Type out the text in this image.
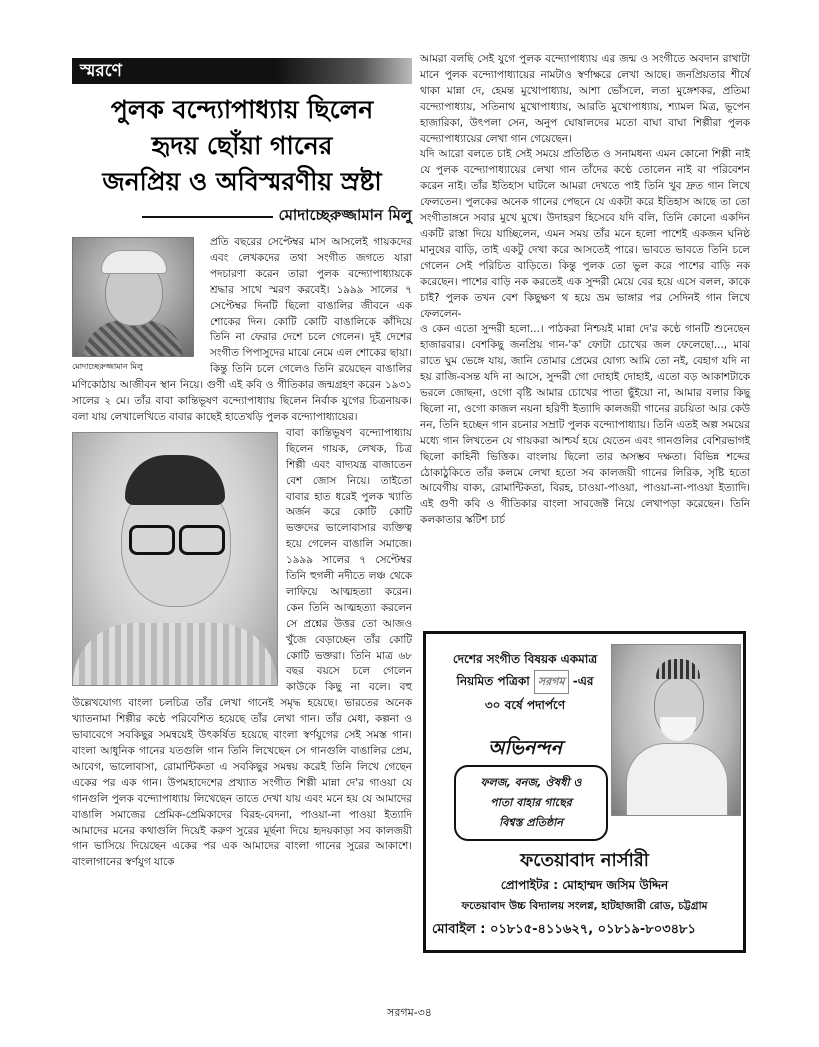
স্মরণে
পুলক বন্দ্যোপাধ্যায় ছিলেন
হৃদয় ছোঁয়া গানের
জনপ্রিয় ও অবিস্মরণীয় স্রষ্টা
মোদাচ্ছেরুজ্জামান মিলু
মোদাচ্ছেরুজ্জামান মিলু

প্রতি বছরের সেপ্টেম্বর মাস আসলেই গায়কদের এবং লেখকদের তথা সংগীত জগতে যারা পদচারণা করেন তারা পুলক বন্দ্যোপাধ্যায়কে শ্রদ্ধার সাথে স্মরণ করবেই। ১৯৯৯ সালের ৭ সেপ্টেম্বর দিনটি ছিলো বাঙালির জীবনে এক শোকের দিন। কোটি কোটি বাঙালিকে কাঁদিয়ে তিনি না ফেরার দেশে চলে গেলেন। দুই দেশের সংগীত পিপাসুদের মাঝে নেমে এল শোকের ছায়া। কিন্তু তিনি চলে গেলেও তিনি রয়েছেন বাঙালির মণিকোঠায় আজীবন স্থান নিয়ে। গুণী এই কবি ও গীতিকার জন্মগ্রহণ করেন ১৯৩১ সালের ২ মে। তাঁর বাবা কান্তিভূষণ বন্দ্যোপাধ্যায় ছিলেন নির্বাক যুগের চিত্রনায়ক। বলা যায় লেখালেখিতে বাবার কাছেই হাতেখড়ি পুলক বন্দ্যোপাধ্যায়ের।

বাবা কান্তিভূষণ বন্দ্যোপাধ্যায় ছিলেন গায়ক, লেখক, চিত্র শিল্পী এবং বাদ্যযন্ত্র বাজাতেন বেশ জোস নিয়ে। তাইতো বাবার হাত ধরেই পুলক খ্যাতি অর্জন করে কোটি কোটি ভক্তদের ভালোবাসার ব্যক্তিত্ব হয়ে গেলেন বাঙালি সমাজে। ১৯৯৯ সালের ৭ সেপ্টেম্বর তিনি হুগলী নদীতে লঞ্চ থেকে লাফিয়ে আত্মহত্যা করেন। কেন তিনি আত্মহত্যা করলেন সে প্রশ্নের উত্তর তো আজও খুঁজে বেড়াচ্ছেন তাঁর কোটি কোটি ভক্তরা। তিনি মাত্র ৬৮ বছর বয়সে চলে গেলেন কাউকে কিছু না বলে। বহু উল্লেখযোগ্য বাংলা চলচিত্র তাঁর লেখা গানেই সমৃদ্ধ হয়েছে। ভারতের অনেক খ্যাতনামা শিল্পীর কণ্ঠে পরিবেশিত হয়েছে তাঁর লেখা গান। তাঁর মেধা, কল্পনা ও ভাবাবেগে সবকিছুর সমন্বয়েই উৎকর্ষিত হয়েছে বাংলা স্বর্ণযুগের সেই সমস্ত গান। বাংলা আধুনিক গানের যতগুলি গান তিনি লিখেছেন সে গানগুলি বাঙালির প্রেম, আবেগ, ভালোবাসা, রোমান্টিকতা এ সবকিছুর সমন্বয় করেই তিনি লিখে গেছেন একের পর এক গান। উপমহাদেশের প্রখ্যাত সংগীত শিল্পী মান্না দে'র গাওয়া যে গানগুলি পুলক বন্দ্যোপাধ্যায় লিখেছেন তাতে দেখা যায় এবং মনে হয় যে আমাদের বাঙালি সমাজের প্রেমিক-প্রেমিকাদের বিরহ-বেদনা, পাওয়া-না পাওয়া ইত্যাদি আমাদের মনের কথাগুলি দিয়েই করুণ সুরের মূর্ছনা দিয়ে হৃদয়কাড়া সব কালজয়ী গান ভাসিয়ে দিয়েছেন একের পর এক আমাদের বাংলা গানের সুরের আকাশে। বাংলাগানের স্বর্ণযুগ যাকে

আমরা বলছি সেই যুগে পুলক বন্দ্যোপাধ্যায় এর জন্ম ও সংগীতে অবদান রাখাটা মানে পুলক বন্দ্যোপাধ্যায়ের নামটাও স্বর্ণাক্ষরে লেখা আছে। জনপ্রিয়তার শীর্ষে থাকা মান্না দে, হেমন্ত মুখোপাধ্যায়, আশা ভোঁসলে, লতা মুঙ্গেশকর, প্রতিমা বন্দ্যোপাধ্যায়, সতিনাথ মুখোপাধ্যায়, আরতি মুখোপাধ্যায়, শ্যামল মিত্র, ভূপেন হাজারিকা, উৎপলা সেন, অনুপ ঘোষালদের মতো বাঘা বাঘা শিল্পীরা পুলক বন্দ্যোপাধ্যায়ের লেখা গান গেয়েছেন।

যদি আরো বলতে চাই সেই সময়ে প্রতিষ্ঠিত ও সনামধন্য এমন কোনো শিল্পী নাই যে পুলক বন্দ্যোপাধ্যায়ের লেখা গান তাঁদের কণ্ঠে তোলেন নাই বা পরিবেশন করেন নাই। তাঁর ইতিহাস ঘাটলে আমরা দেখতে পাই তিনি খুব দ্রুত গান লিখে ফেলতেন। পুলকের অনেক গানের পেছনে যে একটা করে ইতিহাস আছে তা তো সংগীতাঙ্গনে সবার মুখে মুখে। উদাহরণ হিসেবে যদি বলি, তিনি কোনো একদিন একটি রাস্তা দিয়ে যাচ্ছিলেন, এমন সময় তাঁর মনে হলো পাশেই একজন ঘনিষ্ঠ মানুষের বাড়ি, তাই একটু দেখা করে আসতেই পারে। ভাবতে ভাবতে তিনি চলে গেলেন সেই পরিচিত বাড়িতে। কিন্তু পুলক তো ভুল করে পাশের বাড়ি নক করেছেন। পাশের বাড়ি নক করতেই এক সুন্দরী মেয়ে বের হয়ে এসে বলল, কাকে চাই? পুলক তখন বেশ কিছুক্ষণ থ হয়ে ভ্রম ভাঙ্গার পর সেদিনই গান লিখে ফেললেন-

ও কেন এতো সুন্দরী হলো...। পাঠকরা নিশ্চয়ই মান্না দে'র কণ্ঠে গানটি শুনেছেন হাজারবার। বেশকিছু জনপ্রিয় গান-'ক' ফোটা চোখের জল ফেলেছো..., মাঝ রাতে ঘুম ভেঙ্গে যায়, জানি তোমার প্রেমের যোগ্য আমি তো নই, বেহাগ যদি না হয় রাজি-বসন্ত যদি না আসে, সুন্দরী গো দোহাই দোহাই, এতো বড় আকাশটাকে ভরলে জোছনা, ওগো বৃষ্টি আমার চোখের পাতা ছুঁইয়ো না, আমার বলার কিছু ছিলো না, ওগো কাজল নয়না হরিণী ইত্যাদি কালজয়ী গানের রচয়িতা আর কেউ নন, তিনি হচ্ছেন গান রচনার সম্রাট পুলক বন্দ্যোপাধ্যায়। তিনি এতই অল্প সময়ের মধ্যে গান লিখতেন যে গায়করা আশ্চর্য হয়ে যেতেন এবং গানগুলির বেশিরভাগই ছিলো কাহিনী ভিত্তিক। বাংলায় ছিলো তার অসম্ভব দক্ষতা। বিভিন্ন শব্দের ঠোকাঠুকিতে তাঁর কলমে লেখা হতো সব কালজয়ী গানের লিরিক, সৃষ্টি হতো আবেগীয় বাক্য, রোমান্টিকতা, বিরহ, চাওয়া-পাওয়া, পাওয়া-না-পাওয়া ইত্যাদি। এই গুণী কবি ও গীতিকার বাংলা সাবজেক্ট নিয়ে লেখাপড়া করেছেন। তিনি কলকাতার স্কটিশ চার্চ

দেশের সংগীত বিষয়ক একমাত্র
নিয়মিত পত্রিকা সরগম -এর
৩০ বর্ষে পদার্পণে
অভিনন্দন
ফলজ, বনজ, ঔষধী ও
পাতা বাহার গাছের
বিশ্বস্ত প্রতিষ্ঠান
ফতেয়াবাদ নার্সারী
প্রোপাইটর : মোহাম্মদ জসিম উদ্দিন
ফতেয়াবাদ উচ্চ বিদ্যালয় সংলগ্ন, হাটহাজারী রোড, চট্টগ্রাম
মোবাইল : ০১৮১৫-৪১১৬২৭, ০১৮১৯-৮০৩৪৮১
সরগম-৩৪
